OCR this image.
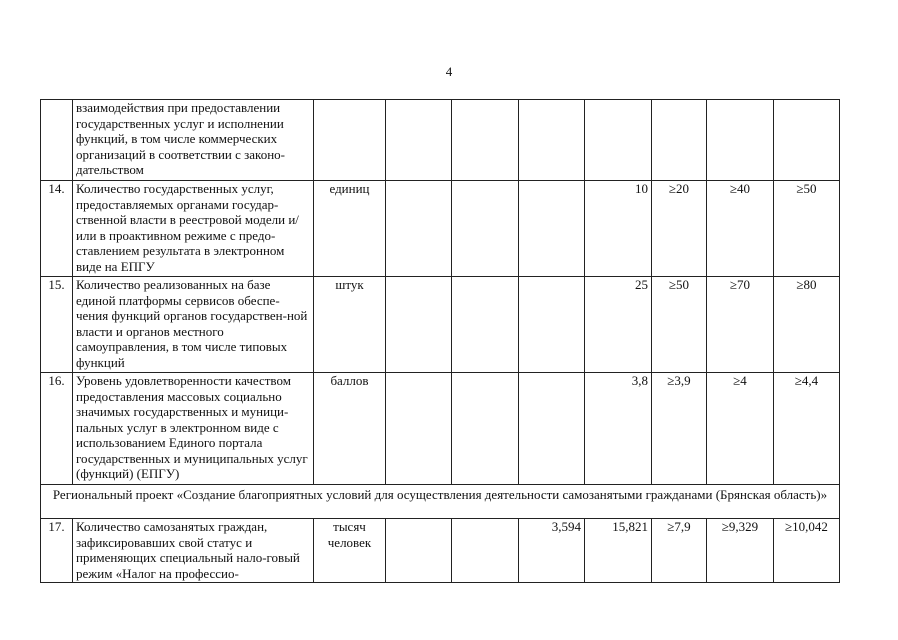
4
	взаимодействия при предоставлении государственных услуг и исполнении функций, в том числе коммерческих организаций в соответствии с законо-дательством								
14.	Количество государственных услуг, предоставляемых органами государ-ственной власти в реестровой модели и/или в проактивном режиме с предо-ставлением результата в электронном виде на ЕПГУ	единиц				10	≥20	≥40	≥50
15.	Количество реализованных на базе единой платформы сервисов обеспе-чения функций органов государствен-ной власти и органов местного самоуправления, в том числе типовых функций	штук				25	≥50	≥70	≥80
16.	Уровень удовлетворенности качеством предоставления массовых социально значимых государственных и муници-пальных услуг в электронном виде с использованием Единого портала государственных и муниципальных услуг (функций) (ЕПГУ)	баллов				3,8	≥3,9	≥4	≥4,4
Региональный проект «Создание благоприятных условий для осуществления деятельности самозанятыми гражданами (Брянская область)»									
17.	Количество самозанятых граждан, зафиксировавших свой статус и применяющих специальный нало-говый режим «Налог на профессио-	тысяч человек			3,594	15,821	≥7,9	≥9,329	≥10,042
